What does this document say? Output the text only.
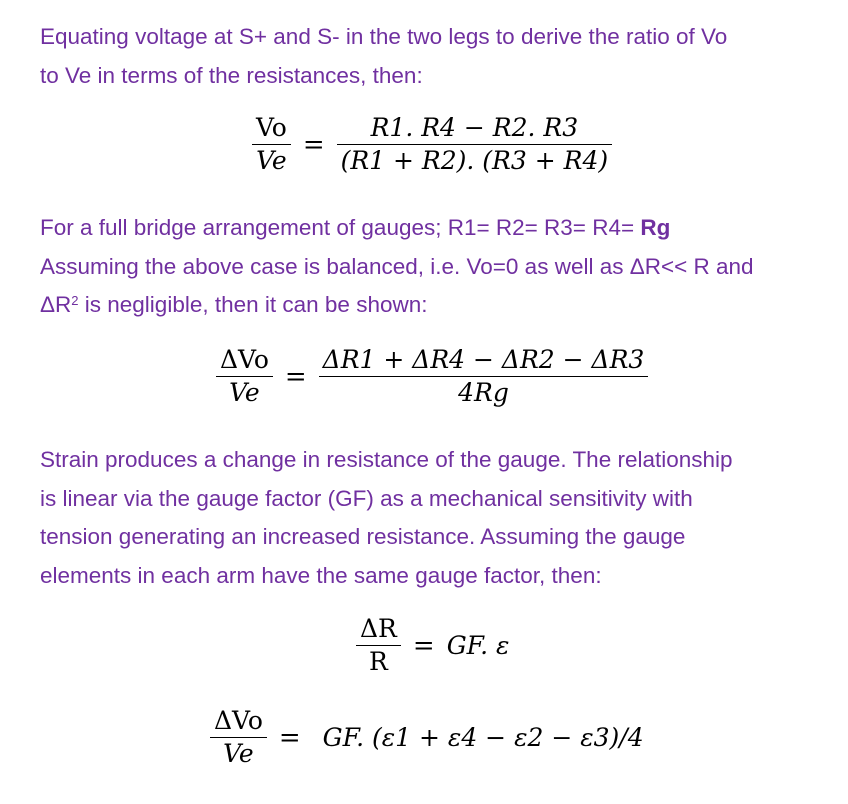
Equating voltage at S+ and S- in the two legs to derive the ratio of Vo
to Ve in terms of the resistances, then:

$\frac{Vo}{Ve} = \frac{R1. R4 - R2. R3}{(R1 + R2). (R3 + R4)}$

For a full bridge arrangement of gauges; R1= R2= R3= R4= Rg
Assuming the above case is balanced, i.e. Vo=0 as well as ΔR<< R and
$\Delta R^2$ is negligible, then it can be shown:

$\frac{\text{ΔVo}}{Ve} = \frac{\Delta R1 + \Delta R4 - \Delta R2 - \Delta R3}{4Rg}$

Strain produces a change in resistance of the gauge. The relationship
is linear via the gauge factor (GF) as a mechanical sensitivity with
tension generating an increased resistance. Assuming the gauge
elements in each arm have the same gauge factor, then:

$\frac{\Delta R}{R}$ = GF. ε
$\frac{\text{ΔVo}}{Ve}$ = GF. (ε1 + ε4 − ε2 − ε3)/4
